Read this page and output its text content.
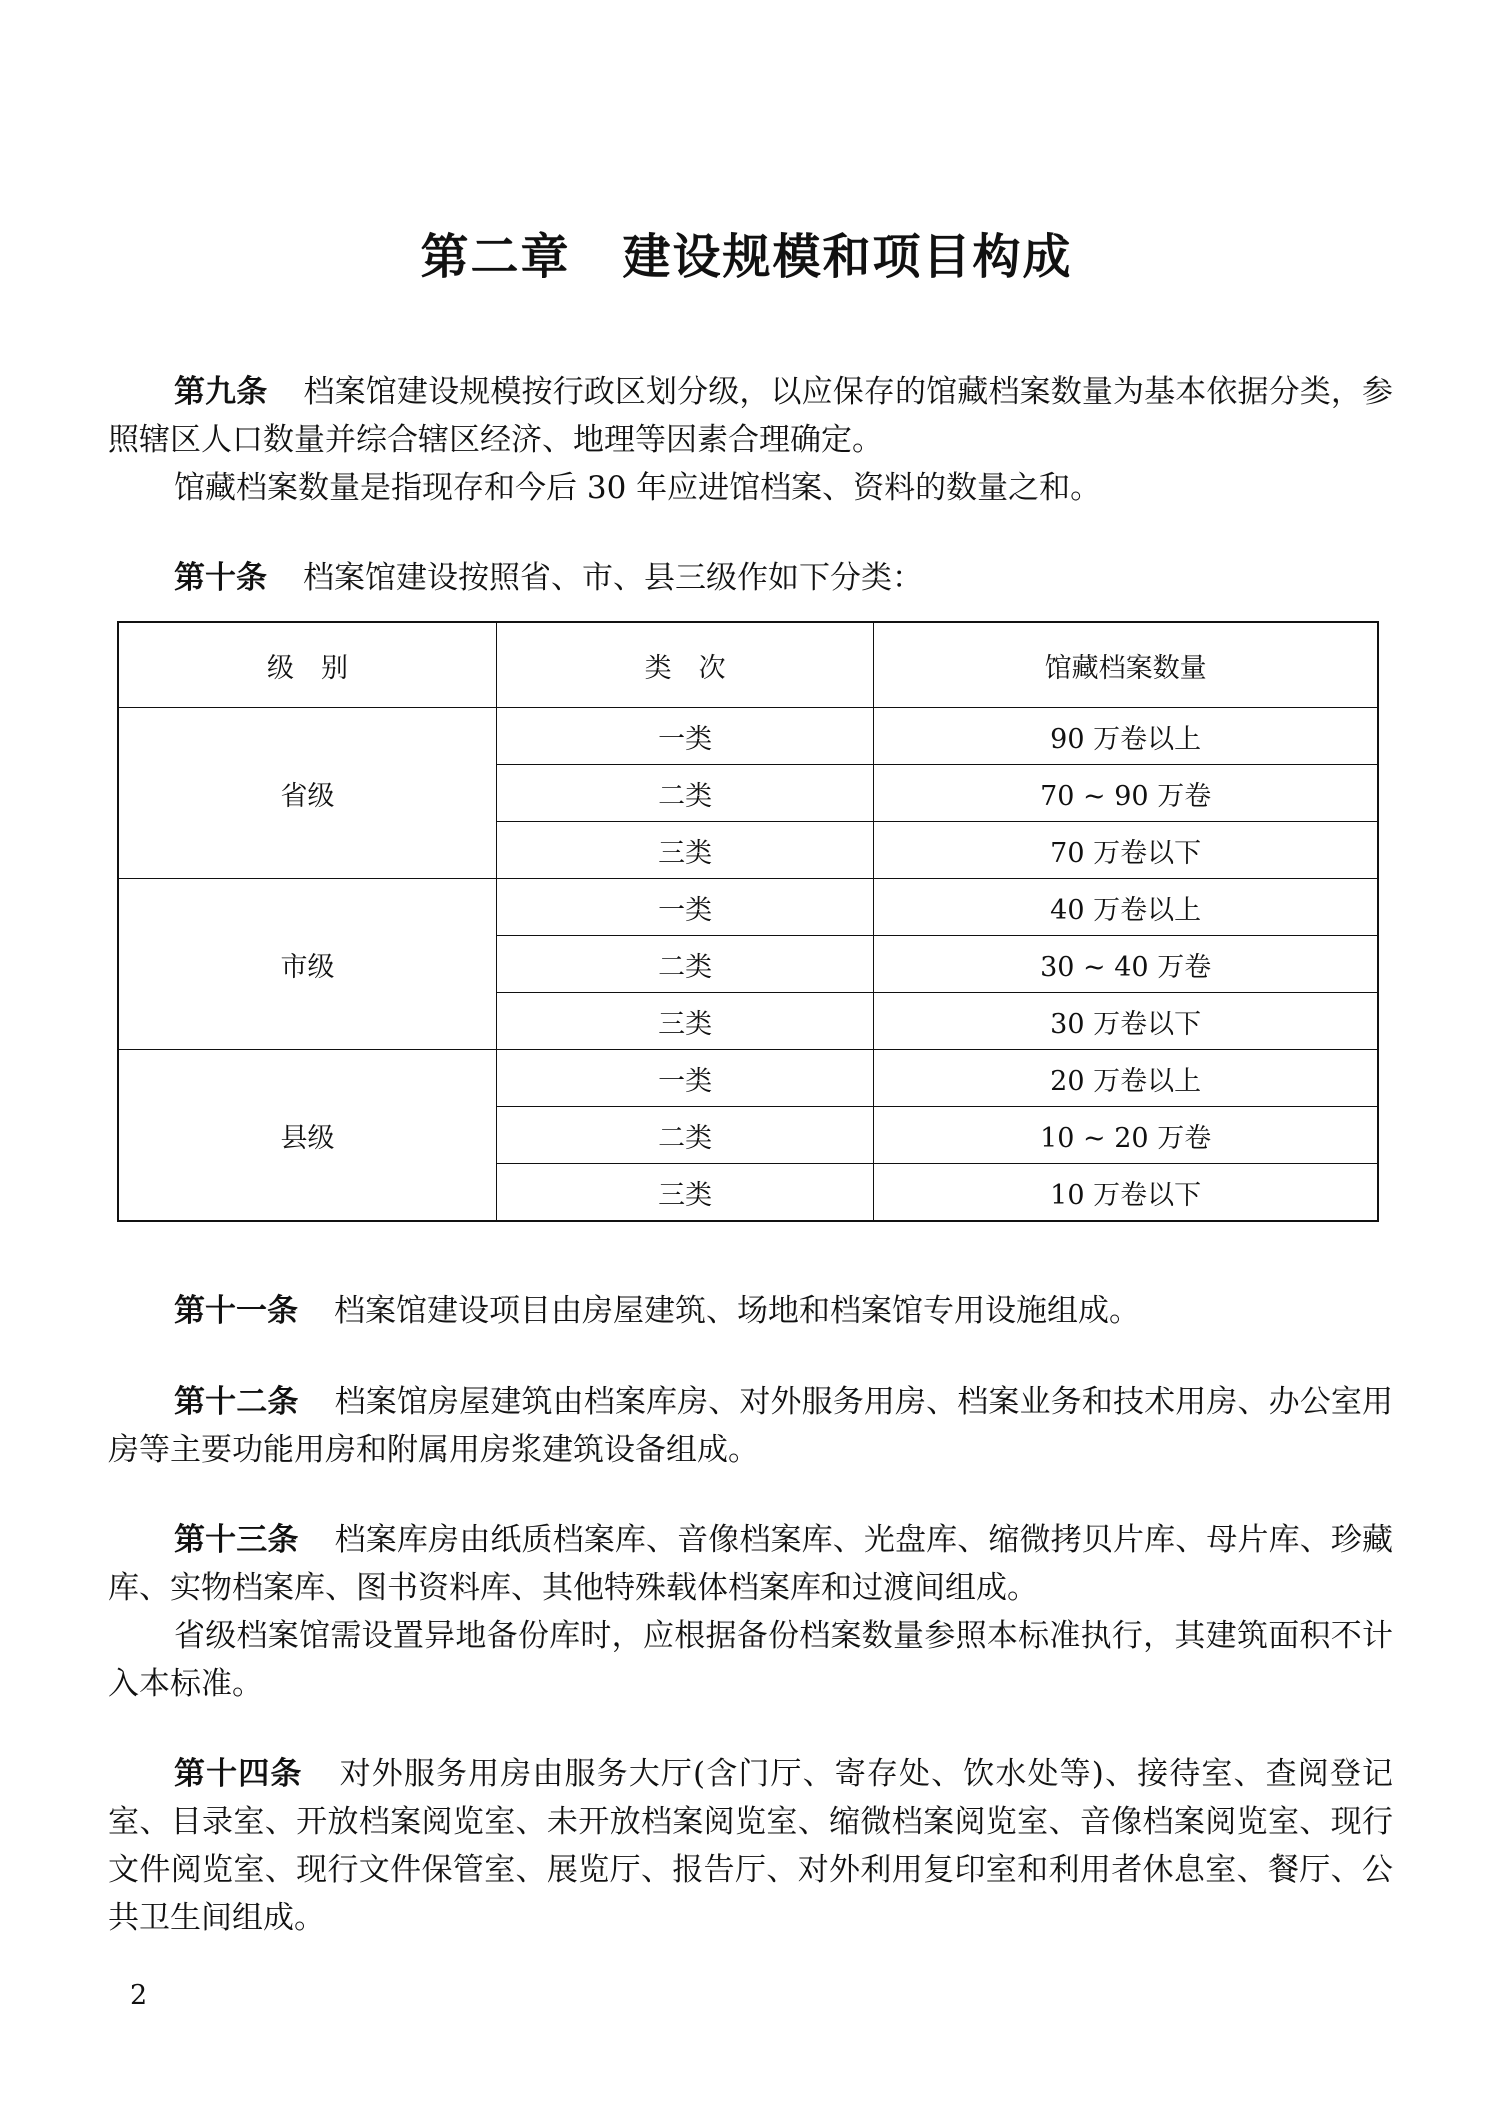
第二章 建设规模和项目构成

第九条 档案馆建设规模按行政区划分级，以应保存的馆藏档案数量为基本依据分类，参照辖区人口数量并综合辖区经济、地理等因素合理确定。

馆藏档案数量是指现存和今后 30 年应进馆档案、资料的数量之和。

第十条 档案馆建设按照省、市、县三级作如下分类：

级　别	类　次	馆藏档案数量
省级	一类	90 万卷以上
	二类	70 ~ 90 万卷
	三类	70 万卷以下
市级	一类	40 万卷以上
	二类	30 ~ 40 万卷
	三类	30 万卷以下
县级	一类	20 万卷以上
	二类	10 ~ 20 万卷
	三类	10 万卷以下

第十一条 档案馆建设项目由房屋建筑、场地和档案馆专用设施组成。

第十二条 档案馆房屋建筑由档案库房、对外服务用房、档案业务和技术用房、办公室用房等主要功能用房和附属用房浆建筑设备组成。

第十三条 档案库房由纸质档案库、音像档案库、光盘库、缩微拷贝片库、母片库、珍藏库、实物档案库、图书资料库、其他特殊载体档案库和过渡间组成。

省级档案馆需设置异地备份库时，应根据备份档案数量参照本标准执行，其建筑面积不计入本标准。

第十四条 对外服务用房由服务大厅(含门厅、寄存处、饮水处等)、接待室、查阅登记室、目录室、开放档案阅览室、未开放档案阅览室、缩微档案阅览室、音像档案阅览室、现行文件阅览室、现行文件保管室、展览厅、报告厅、对外利用复印室和利用者休息室、餐厅、公共卫生间组成。

2
